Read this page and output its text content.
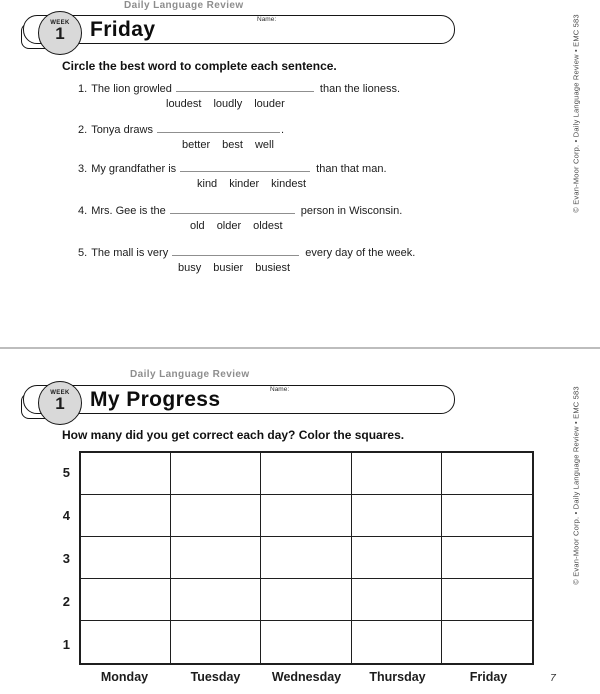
Daily Language Review
WEEK
1	Friday	Name:
Circle the best word to complete each sentence.
1. The lion growled	than the lioness.
loudest loudly louder
2. Tonya draws	.
better best well
3. My grandfather is	than that man.
kind kinder kindest
4. Mrs. Gee is the	person in Wisconsin.
old older oldest
5. The mall is very	every day of the week.
busy busier busiest
Daily Language Review
WEEK
1	My Progress	Name:
How many did you get correct each day? Color the squares.
5
4
3
2
1
Monday	Tuesday	Wednesday	Thursday	Friday
© Evan-Moor Corp. • Daily Language Review • EMC 583
© Evan-Moor Corp. • Daily Language Review • EMC 583
7
